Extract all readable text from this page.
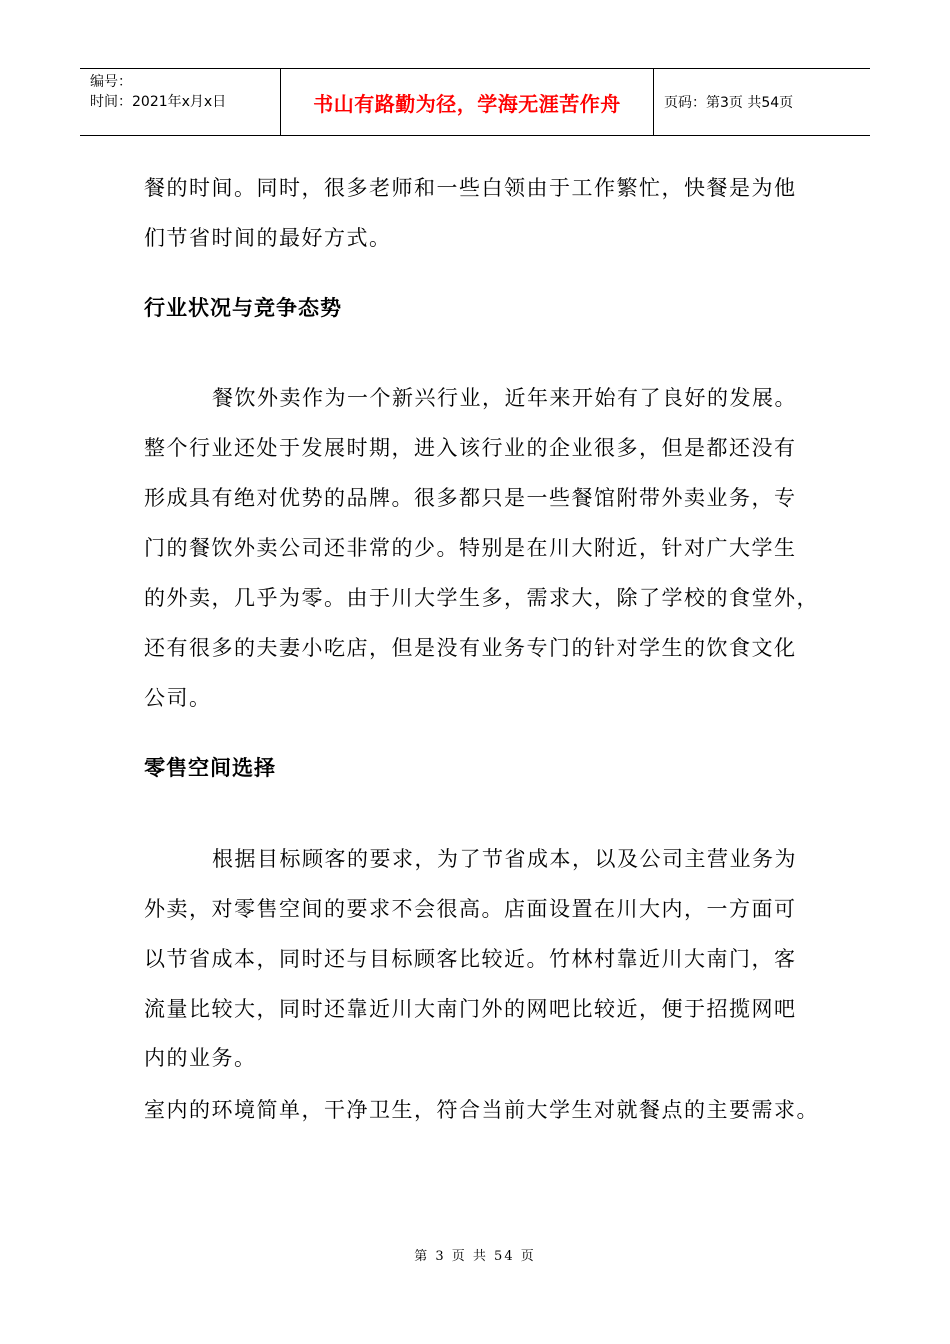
编号：
时间：2021年x月x日	书山有路勤为径，学海无涯苦作舟	页码：第3页 共54页
餐的时间。同时，很多老师和一些白领由于工作繁忙，快餐是为他
们节省时间的最好方式。
行业状况与竞争态势
餐饮外卖作为一个新兴行业，近年来开始有了良好的发展。
整个行业还处于发展时期，进入该行业的企业很多，但是都还没有
形成具有绝对优势的品牌。很多都只是一些餐馆附带外卖业务，专
门的餐饮外卖公司还非常的少。特别是在川大附近，针对广大学生
的外卖，几乎为零。由于川大学生多，需求大，除了学校的食堂外，
还有很多的夫妻小吃店，但是没有业务专门的针对学生的饮食文化
公司。
零售空间选择
根据目标顾客的要求，为了节省成本，以及公司主营业务为
外卖，对零售空间的要求不会很高。店面设置在川大内，一方面可
以节省成本，同时还与目标顾客比较近。竹林村靠近川大南门，客
流量比较大，同时还靠近川大南门外的网吧比较近，便于招揽网吧
内的业务。
室内的环境简单，干净卫生，符合当前大学生对就餐点的主要需求。
第 3 页 共 54 页
